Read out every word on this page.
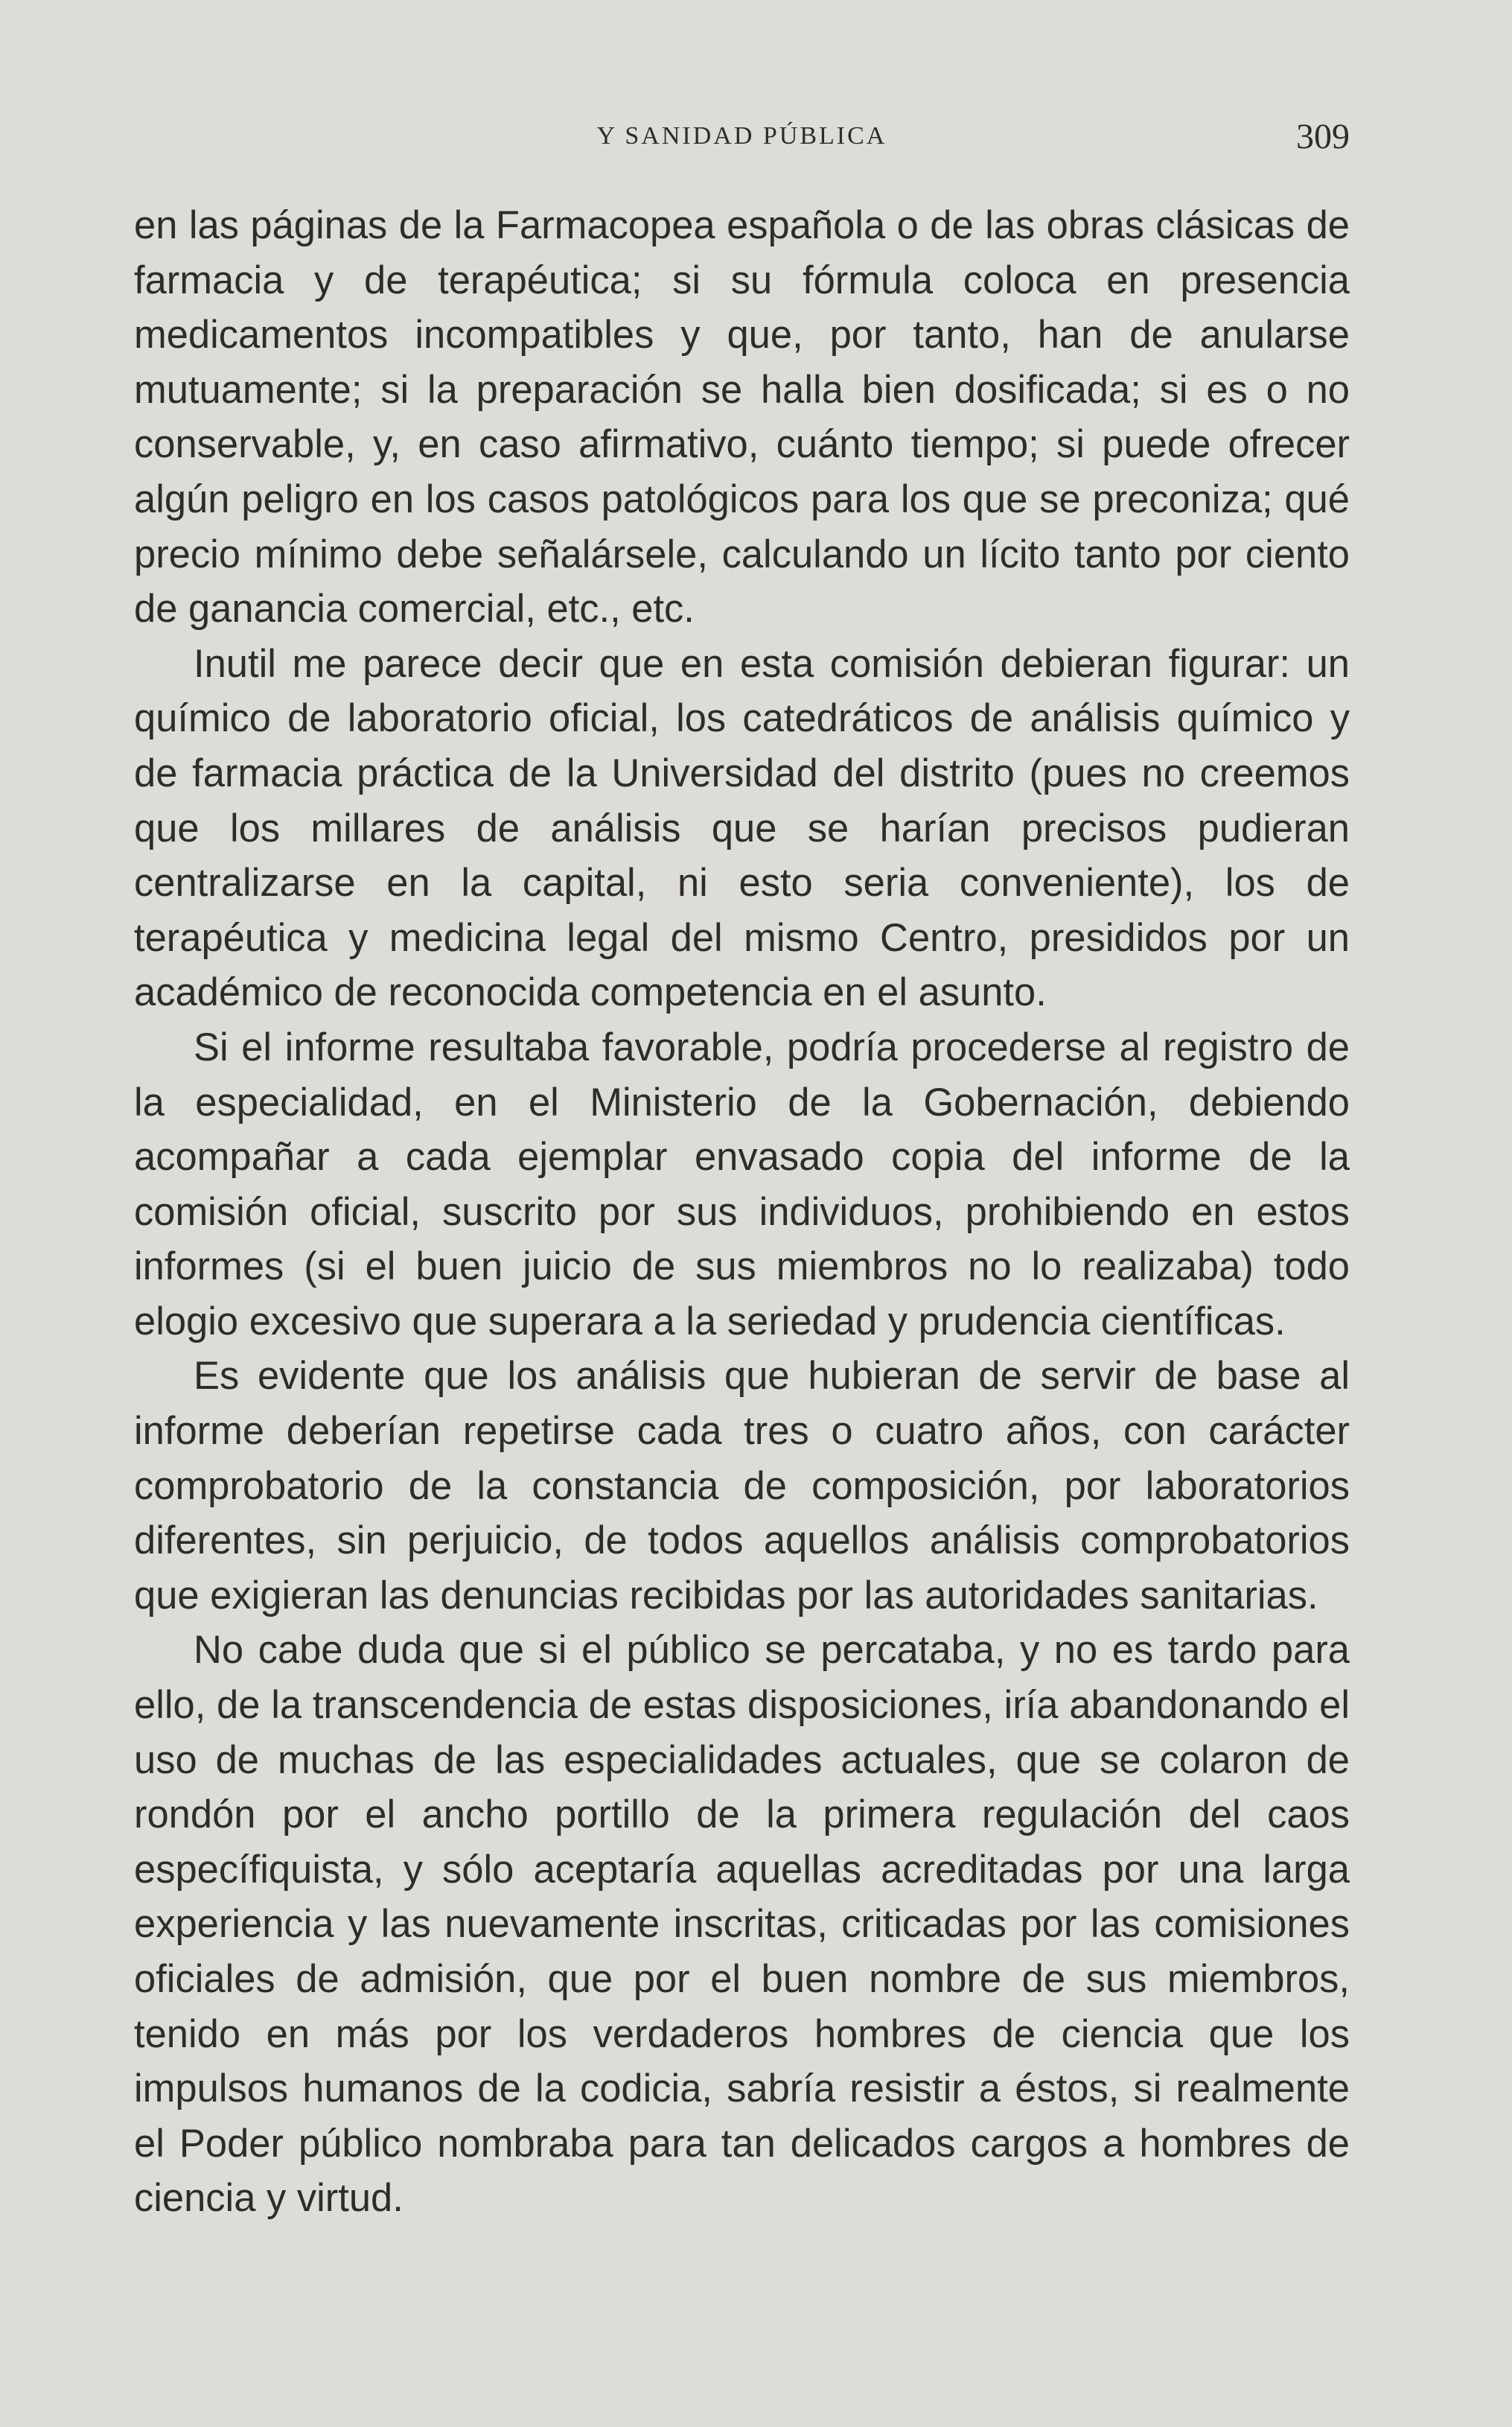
Y SANIDAD PÚBLICA	309

en las páginas de la Farmacopea española o de las obras clásicas de farmacia y de terapéutica; si su fórmula coloca en presencia medicamentos incompatibles y que, por tanto, han de anularse mutuamente; si la preparación se halla bien dosificada; si es o no conservable, y, en caso afirmativo, cuánto tiempo; si puede ofrecer algún peligro en los casos patológicos para los que se preconiza; qué precio mínimo debe señalársele, calculando un lícito tanto por ciento de ganancia comercial, etc., etc.

Inutil me parece decir que en esta comisión debieran figurar: un químico de laboratorio oficial, los catedráticos de análisis químico y de farmacia práctica de la Universidad del distrito (pues no creemos que los millares de análisis que se harían precisos pudieran centralizarse en la capital, ni esto seria conveniente), los de terapéutica y medicina legal del mismo Centro, presididos por un académico de reconocida competencia en el asunto.

Si el informe resultaba favorable, podría procederse al registro de la especialidad, en el Ministerio de la Gobernación, debiendo acompañar a cada ejemplar envasado copia del informe de la comisión oficial, suscrito por sus individuos, prohibiendo en estos informes (si el buen juicio de sus miembros no lo realizaba) todo elogio excesivo que superara a la seriedad y prudencia científicas.

Es evidente que los análisis que hubieran de servir de base al informe deberían repetirse cada tres o cuatro años, con carácter comprobatorio de la constancia de composición, por laboratorios diferentes, sin perjuicio, de todos aquellos análisis comprobatorios que exigieran las denuncias recibidas por las autoridades sanitarias.

No cabe duda que si el público se percataba, y no es tardo para ello, de la transcendencia de estas disposiciones, iría abandonando el uso de muchas de las especialidades actuales, que se colaron de rondón por el ancho portillo de la primera regulación del caos específiquista, y sólo aceptaría aquellas acreditadas por una larga experiencia y las nuevamente inscritas, criticadas por las comisiones oficiales de admisión, que por el buen nombre de sus miembros, tenido en más por los verdaderos hombres de ciencia que los impulsos humanos de la codicia, sabría resistir a éstos, si realmente el Poder público nombraba para tan delicados cargos a hombres de ciencia y virtud.
